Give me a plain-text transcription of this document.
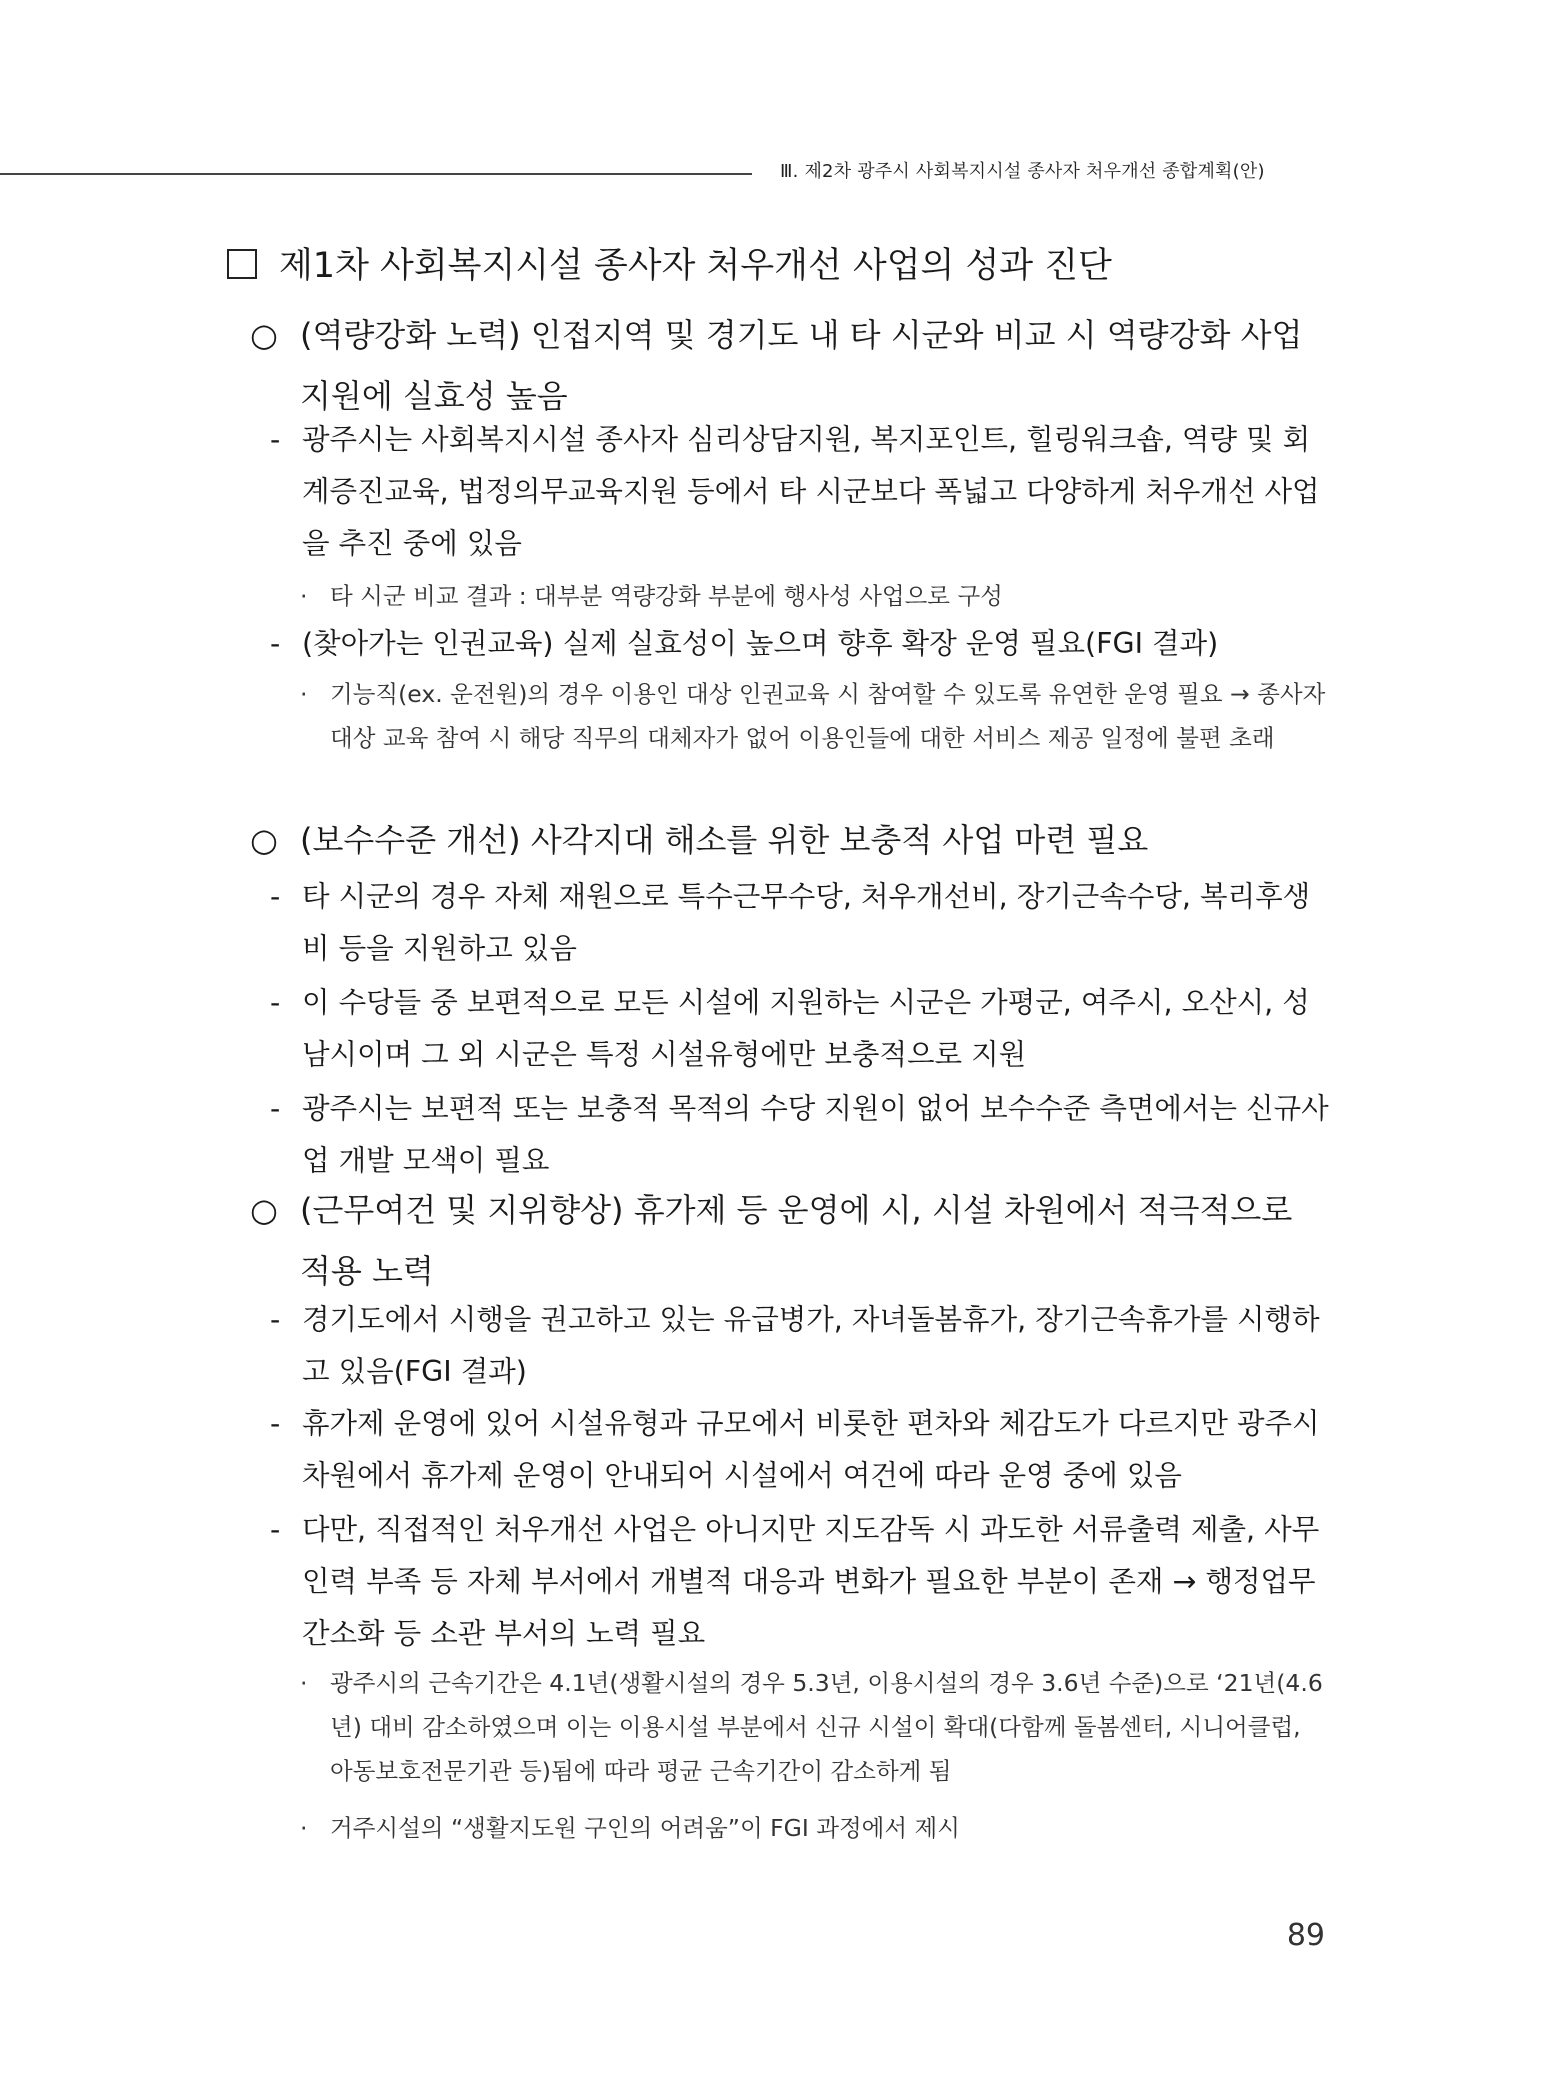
Ⅲ. 제2차 광주시 사회복지시설 종사자 처우개선 종합계획(안)
제1차 사회복지시설 종사자 처우개선 사업의 성과 진단
○ (역량강화 노력) 인접지역 및 경기도 내 타 시군와 비교 시 역량강화 사업 지원에 실효성 높음
- 광주시는 사회복지시설 종사자 심리상담지원, 복지포인트, 힐링워크숍, 역량 및 회계증진교육, 법정의무교육지원 등에서 타 시군보다 폭넓고 다양하게 처우개선 사업을 추진 중에 있음
· 타 시군 비교 결과 : 대부분 역량강화 부분에 행사성 사업으로 구성
- (찾아가는 인권교육) 실제 실효성이 높으며 향후 확장 운영 필요(FGI 결과)
· 기능직(ex. 운전원)의 경우 이용인 대상 인권교육 시 참여할 수 있도록 유연한 운영 필요 → 종사자 대상 교육 참여 시 해당 직무의 대체자가 없어 이용인들에 대한 서비스 제공 일정에 불편 초래
○ (보수수준 개선) 사각지대 해소를 위한 보충적 사업 마련 필요
- 타 시군의 경우 자체 재원으로 특수근무수당, 처우개선비, 장기근속수당, 복리후생비 등을 지원하고 있음
- 이 수당들 중 보편적으로 모든 시설에 지원하는 시군은 가평군, 여주시, 오산시, 성남시이며 그 외 시군은 특정 시설유형에만 보충적으로 지원
- 광주시는 보편적 또는 보충적 목적의 수당 지원이 없어 보수수준 측면에서는 신규사업 개발 모색이 필요
○ (근무여건 및 지위향상) 휴가제 등 운영에 시, 시설 차원에서 적극적으로 적용 노력
- 경기도에서 시행을 권고하고 있는 유급병가, 자녀돌봄휴가, 장기근속휴가를 시행하고 있음(FGI 결과)
- 휴가제 운영에 있어 시설유형과 규모에서 비롯한 편차와 체감도가 다르지만 광주시 차원에서 휴가제 운영이 안내되어 시설에서 여건에 따라 운영 중에 있음
- 다만, 직접적인 처우개선 사업은 아니지만 지도감독 시 과도한 서류출력 제출, 사무 인력 부족 등 자체 부서에서 개별적 대응과 변화가 필요한 부분이 존재 → 행정업무 간소화 등 소관 부서의 노력 필요
· 광주시의 근속기간은 4.1년(생활시설의 경우 5.3년, 이용시설의 경우 3.6년 수준)으로 ‘21년(4.6년) 대비 감소하였으며 이는 이용시설 부분에서 신규 시설이 확대(다함께 돌봄센터, 시니어클럽, 아동보호전문기관 등)됨에 따라 평균 근속기간이 감소하게 됨
· 거주시설의 “생활지도원 구인의 어려움”이 FGI 과정에서 제시
89
